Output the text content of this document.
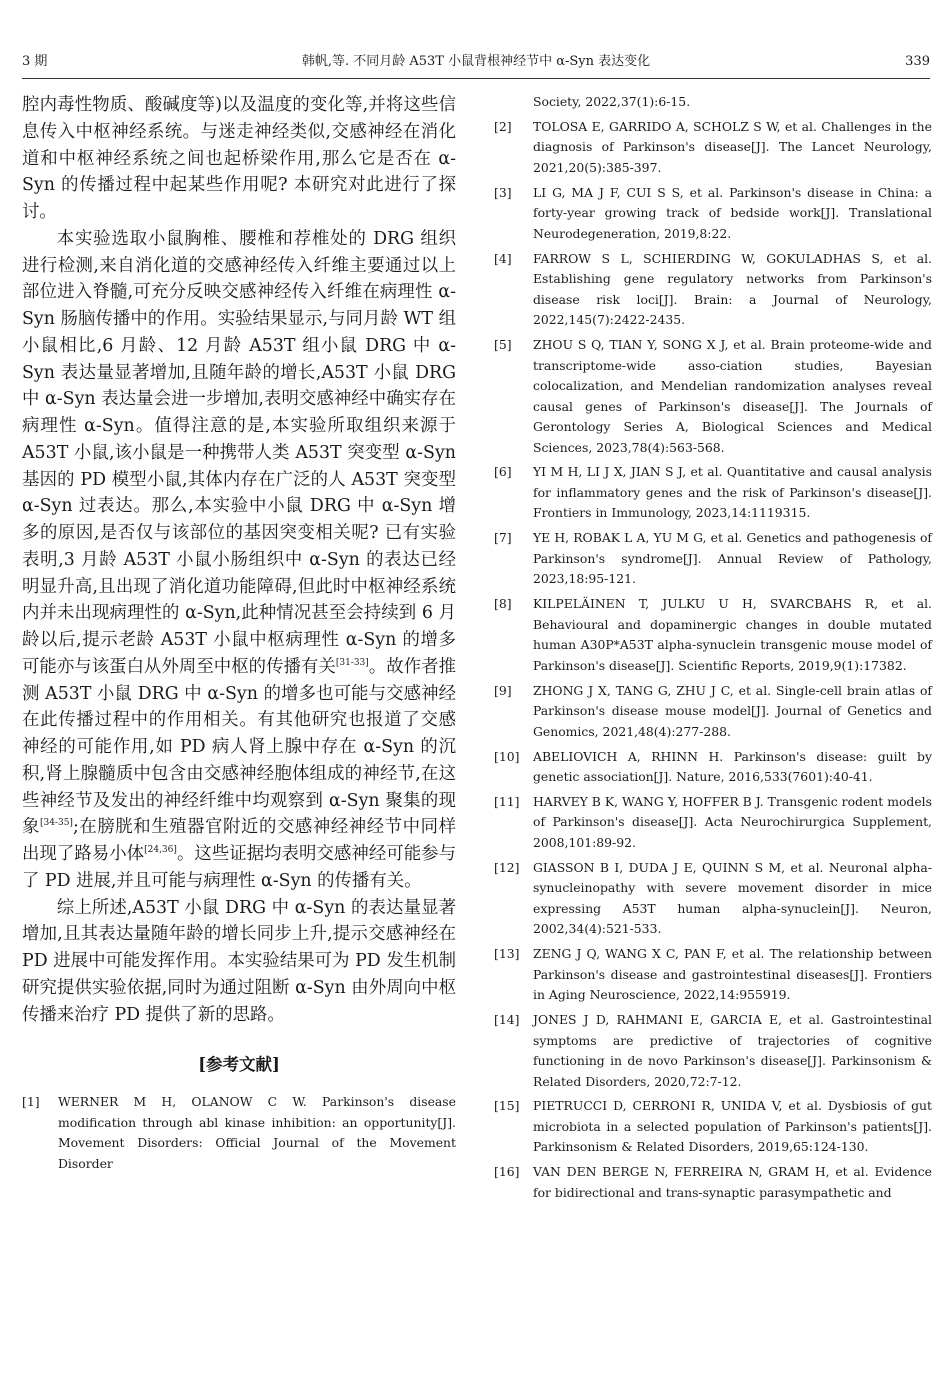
3 期	韩帆,等. 不同月龄 A53T 小鼠背根神经节中 α-Syn 表达变化	339

腔内毒性物质、酸碱度等)以及温度的变化等,并将这些信息传入中枢神经系统。与迷走神经类似,交感神经在消化道和中枢神经系统之间也起桥梁作用,那么它是否在 α-Syn 的传播过程中起某些作用呢? 本研究对此进行了探讨。

本实验选取小鼠胸椎、腰椎和荐椎处的 DRG 组织进行检测,来自消化道的交感神经传入纤维主要通过以上部位进入脊髓,可充分反映交感神经传入纤维在病理性 α-Syn 肠脑传播中的作用。实验结果显示,与同月龄 WT 组小鼠相比,6 月龄、12 月龄 A53T 组小鼠 DRG 中 α-Syn 表达量显著增加,且随年龄的增长,A53T 小鼠 DRG 中 α-Syn 表达量会进一步增加,表明交感神经中确实存在病理性 α-Syn。值得注意的是,本实验所取组织来源于 A53T 小鼠,该小鼠是一种携带人类 A53T 突变型 α-Syn 基因的 PD 模型小鼠,其体内存在广泛的人 A53T 突变型 α-Syn 过表达。那么,本实验中小鼠 DRG 中 α-Syn 增多的原因,是否仅与该部位的基因突变相关呢? 已有实验表明,3 月龄 A53T 小鼠小肠组织中 α-Syn 的表达已经明显升高,且出现了消化道功能障碍,但此时中枢神经系统内并未出现病理性的 α-Syn,此种情况甚至会持续到 6 月龄以后,提示老龄 A53T 小鼠中枢病理性 α-Syn 的增多可能亦与该蛋白从外周至中枢的传播有关[31-33]。故作者推测 A53T 小鼠 DRG 中 α-Syn 的增多也可能与交感神经在此传播过程中的作用相关。有其他研究也报道了交感神经的可能作用,如 PD 病人肾上腺中存在 α-Syn 的沉积,肾上腺髓质中包含由交感神经胞体组成的神经节,在这些神经节及发出的神经纤维中均观察到 α-Syn 聚集的现象[34-35];在膀胱和生殖器官附近的交感神经神经节中同样出现了路易小体[24,36]。这些证据均表明交感神经可能参与了 PD 进展,并且可能与病理性 α-Syn 的传播有关。

综上所述,A53T 小鼠 DRG 中 α-Syn 的表达量显著增加,且其表达量随年龄的增长同步上升,提示交感神经在 PD 进展中可能发挥作用。本实验结果可为 PD 发生机制研究提供实验依据,同时为通过阻断 α-Syn 由外周向中枢传播来治疗 PD 提供了新的思路。

[参考文献]
[1] WERNER M H, OLANOW C W. Parkinson's disease modification through abl kinase inhibition: an opportunity[J]. Movement Disorders: Official Journal of the Movement Disorder
Society, 2022,37(1):6-15.
[2] TOLOSA E, GARRIDO A, SCHOLZ S W, et al. Challenges in the diagnosis of Parkinson's disease[J]. The Lancet Neurology, 2021,20(5):385-397.
[3] LI G, MA J F, CUI S S, et al. Parkinson's disease in China: a forty-year growing track of bedside work[J]. Translational Neurodegeneration, 2019,8:22.
[4] FARROW S L, SCHIERDING W, GOKULADHAS S, et al. Establishing gene regulatory networks from Parkinson's disease risk loci[J]. Brain: a Journal of Neurology, 2022,145(7):2422-2435.
[5] ZHOU S Q, TIAN Y, SONG X J, et al. Brain proteome-wide and transcriptome-wide asso-ciation studies, Bayesian colocalization, and Mendelian randomization analyses reveal causal genes of Parkinson's disease[J]. The Journals of Gerontology Series A, Biological Sciences and Medical Sciences, 2023,78(4):563-568.
[6] YI M H, LI J X, JIAN S J, et al. Quantitative and causal analysis for inflammatory genes and the risk of Parkinson's disease[J]. Frontiers in Immunology, 2023,14:1119315.
[7] YE H, ROBAK L A, YU M G, et al. Genetics and pathogenesis of Parkinson's syndrome[J]. Annual Review of Pathology, 2023,18:95-121.
[8] KILPELÄINEN T, JULKU U H, SVARCBAHS R, et al. Behavioural and dopaminergic changes in double mutated human A30P*A53T alpha-synuclein transgenic mouse model of Parkinson's disease[J]. Scientific Reports, 2019,9(1):17382.
[9] ZHONG J X, TANG G, ZHU J C, et al. Single-cell brain atlas of Parkinson's disease mouse model[J]. Journal of Genetics and Genomics, 2021,48(4):277-288.
[10] ABELIOVICH A, RHINN H. Parkinson's disease: guilt by genetic association[J]. Nature, 2016,533(7601):40-41.
[11] HARVEY B K, WANG Y, HOFFER B J. Transgenic rodent models of Parkinson's disease[J]. Acta Neurochirurgica Supplement, 2008,101:89-92.
[12] GIASSON B I, DUDA J E, QUINN S M, et al. Neuronal alpha-synucleinopathy with severe movement disorder in mice expressing A53T human alpha-synuclein[J]. Neuron, 2002,34(4):521-533.
[13] ZENG J Q, WANG X C, PAN F, et al. The relationship between Parkinson's disease and gastrointestinal diseases[J]. Frontiers in Aging Neuroscience, 2022,14:955919.
[14] JONES J D, RAHMANI E, GARCIA E, et al. Gastrointestinal symptoms are predictive of trajectories of cognitive functioning in de novo Parkinson's disease[J]. Parkinsonism & Related Disorders, 2020,72:7-12.
[15] PIETRUCCI D, CERRONI R, UNIDA V, et al. Dysbiosis of gut microbiota in a selected population of Parkinson's patients[J]. Parkinsonism & Related Disorders, 2019,65:124-130.
[16] VAN DEN BERGE N, FERREIRA N, GRAM H, et al. Evidence for bidirectional and trans-synaptic parasympathetic and
